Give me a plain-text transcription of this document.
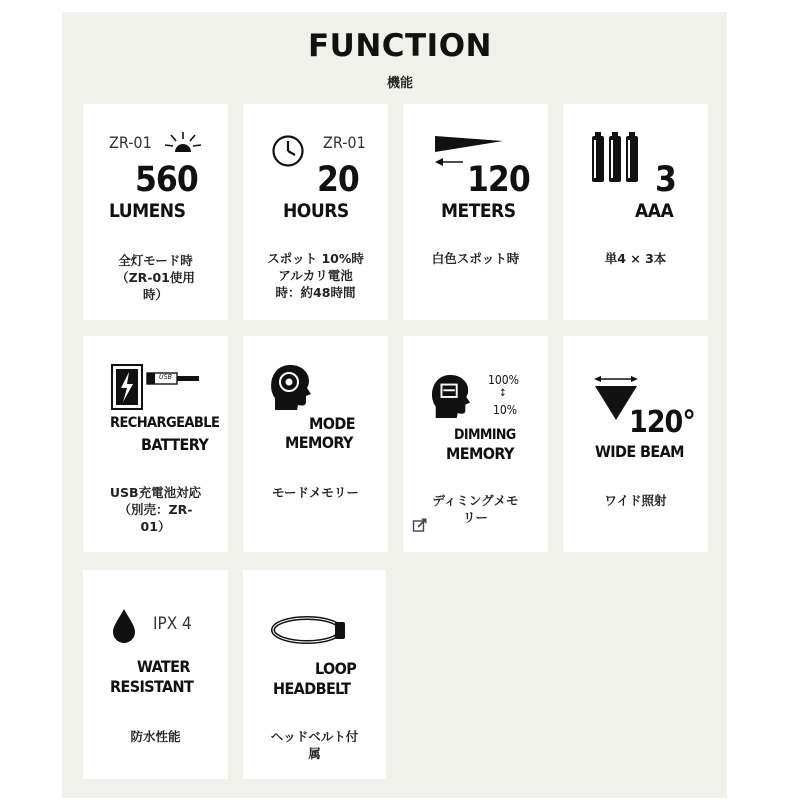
FUNCTION
機能
ZR-01
560
LUMENS
全灯モード時
（ZR-01使用
時）
ZR-01
20
HOURS
スポット 10%時
アルカリ電池
時：約48時間
120
METERS
白色スポット時
3
AAA
単4 × 3本
USB
RECHARGEABLE
BATTERY
USB充電池対応
（別売：ZR-
01）
MODE
MEMORY
モードメモリー
100%
↕
10%
DIMMING
MEMORY
ディミングメモ
リー
120°
WIDE BEAM
ワイド照射
IPX 4
WATER
RESISTANT
防水性能
LOOP
HEADBELT
ヘッドベルト付
属
